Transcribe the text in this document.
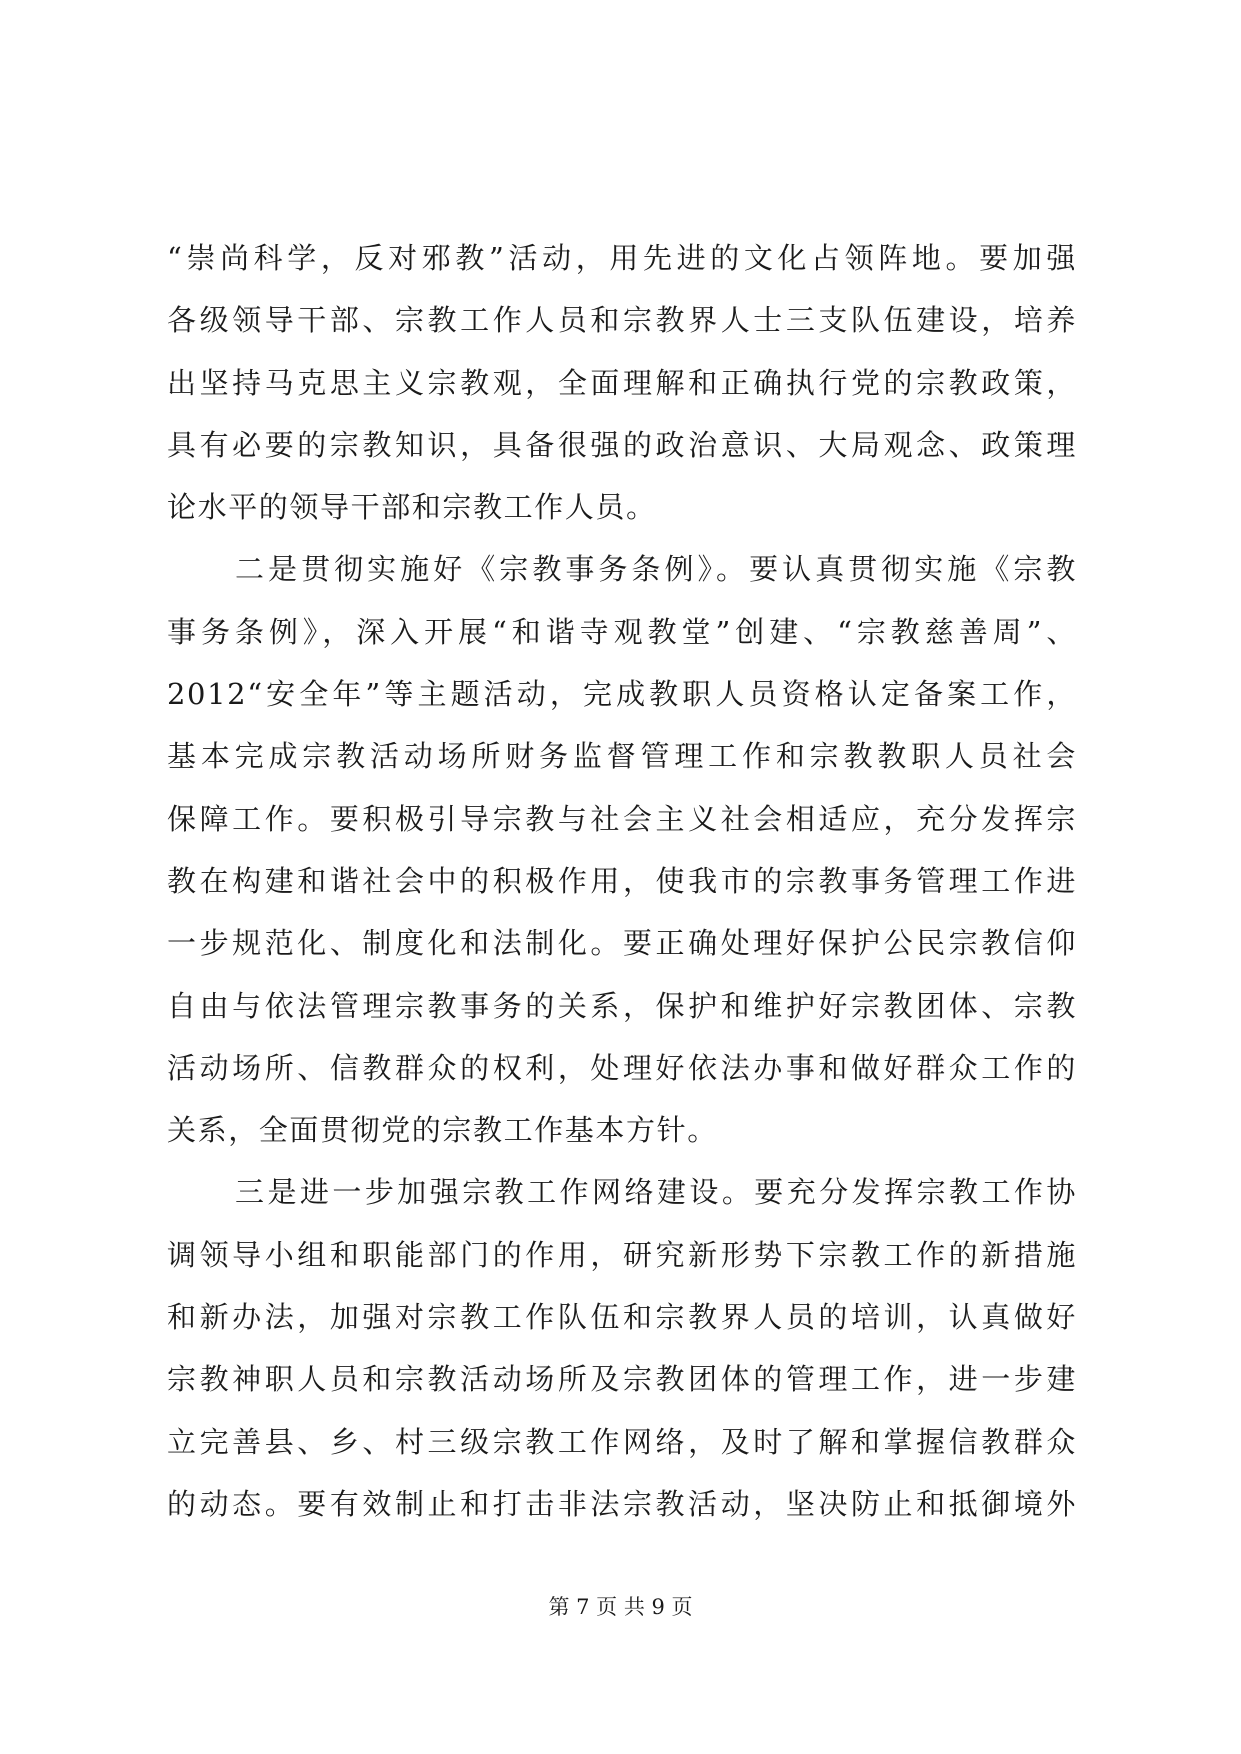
“崇尚科学，反对邪教”活动，用先进的文化占领阵地。要加强
各级领导干部、宗教工作人员和宗教界人士三支队伍建设，培养
出坚持马克思主义宗教观，全面理解和正确执行党的宗教政策，
具有必要的宗教知识，具备很强的政治意识、大局观念、政策理
论水平的领导干部和宗教工作人员。
二是贯彻实施好《宗教事务条例》。要认真贯彻实施《宗教
事务条例》，深入开展“和谐寺观教堂”创建、“宗教慈善周”、
2012“安全年”等主题活动，完成教职人员资格认定备案工作，
基本完成宗教活动场所财务监督管理工作和宗教教职人员社会
保障工作。要积极引导宗教与社会主义社会相适应，充分发挥宗
教在构建和谐社会中的积极作用，使我市的宗教事务管理工作进
一步规范化、制度化和法制化。要正确处理好保护公民宗教信仰
自由与依法管理宗教事务的关系，保护和维护好宗教团体、宗教
活动场所、信教群众的权利，处理好依法办事和做好群众工作的
关系，全面贯彻党的宗教工作基本方针。
三是进一步加强宗教工作网络建设。要充分发挥宗教工作协
调领导小组和职能部门的作用，研究新形势下宗教工作的新措施
和新办法，加强对宗教工作队伍和宗教界人员的培训，认真做好
宗教神职人员和宗教活动场所及宗教团体的管理工作，进一步建
立完善县、乡、村三级宗教工作网络，及时了解和掌握信教群众
的动态。要有效制止和打击非法宗教活动，坚决防止和抵御境外
第 7 页 共 9 页
